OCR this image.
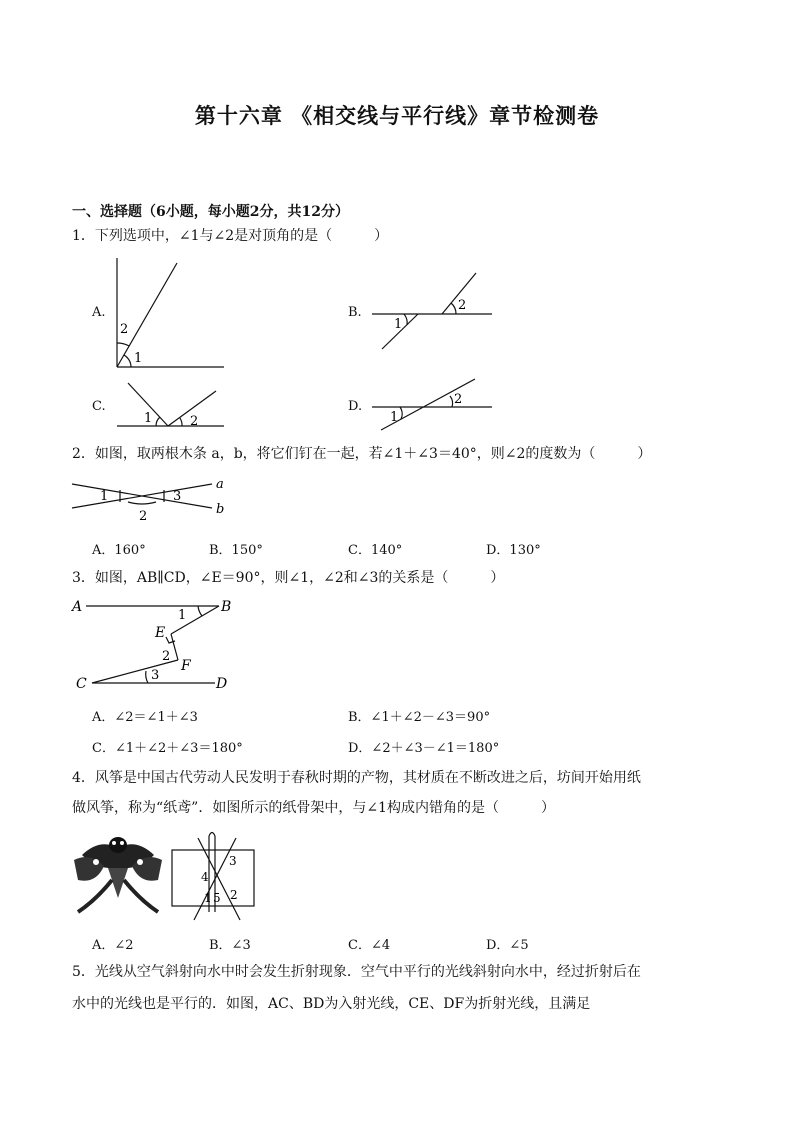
第十六章 《相交线与平行线》章节检测卷
一、选择题（6小题，每小题2分，共12分）
1．下列选项中，∠1与∠2是对顶角的是（　　　）
A.	B.
C.	D.
1
2	1
2
1	2	1
2
1
2
3
a
b
A	B
E
F
C	D
1
2
3
3
4
1 5 2
2．如图，取两根木条 a，b，将它们钉在一起，若∠1＋∠3＝40°，则∠2的度数为（　　　）
A．160°	B．150°	C．140°	D．130°
3．如图，AB∥CD，∠E＝90°，则∠1，∠2和∠3的关系是（　　　）
A．∠2＝∠1＋∠3	B．∠1＋∠2－∠3＝90°
C．∠1＋∠2＋∠3＝180°	D．∠2＋∠3－∠1＝180°
4．风筝是中国古代劳动人民发明于春秋时期的产物，其材质在不断改进之后，坊间开始用纸
做风筝，称为“纸鸢”．如图所示的纸骨架中，与∠1构成内错角的是（　　　）
A．∠2	B．∠3	C．∠4	D．∠5
5．光线从空气斜射向水中时会发生折射现象．空气中平行的光线斜射向水中，经过折射后在
水中的光线也是平行的．如图，AC、BD为入射光线，CE、DF为折射光线，且满足
